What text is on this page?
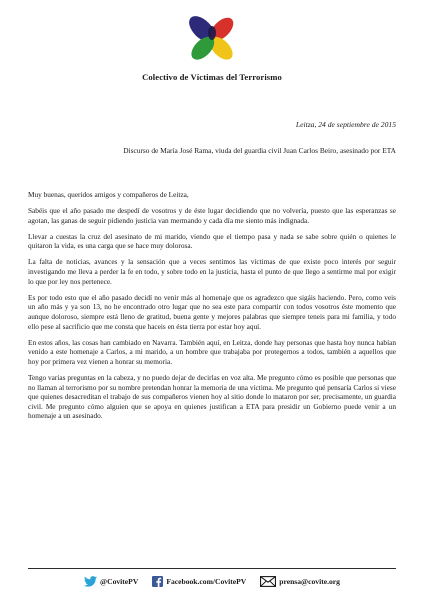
Colectivo de Víctimas del Terrorismo
Leitza, 24 de septiembre de 2015
Discurso de María José Rama, viuda del guardia civil Juan Carlos Beiro, asesinado por ETA

Muy buenas, queridos amigos y compañeros de Leitza,

Sabéis que el año pasado me despedí de vosotros y de éste lugar decidiendo que no volvería, puesto que las esperanzas se agotan, las ganas de seguir pidiendo justicia van mermando y cada día me siento más indignada.

Llevar a cuestas la cruz del asesinato de mi marido, viendo que el tiempo pasa y nada se sabe sobre quién o quienes le quitaron la vida, es una carga que se hace muy dolorosa.

La falta de noticias, avances y la sensación que a veces sentimos las víctimas de que existe poco interés por seguir investigando me lleva a perder la fe en todo, y sobre todo en la justicia, hasta el punto de que llego a sentirme mal por exigir lo que por ley nos pertenece.

Es por todo esto que el año pasado decidí no venir más al homenaje que os agradezco que sigáis haciendo. Pero, como veis un año más y ya son 13, no he encontrado otro lugar que no sea este para compartir con todos vosotros éste momento que aunque doloroso, siempre está lleno de gratitud, buena gente y mejores palabras que siempre teneis para mi familia, y todo ello pese al sacrificio que me consta que haceis en ésta tierra por estar hoy aquí.

En estos años, las cosas han cambiado en Navarra. También aquí, en Leitza, donde hay personas que hasta hoy nunca habían venido a este homenaje a Carlos, a mi marido, a un hombre que trabajaba por protegernos a todos, también a aquellos que hoy por primera vez vienen a honrar su memoria.

Tengo varias preguntas en la cabeza, y no puedo dejar de decirlas en voz alta. Me pregunto cómo es posible que personas que no llaman al terrorismo por su nombre pretendan honrar la memoria de una víctima. Me pregunto qué pensaría Carlos si viese que quienes desacreditan el trabajo de sus compañeros vienen hoy al sitio donde lo mataron por ser, precisamente, un guardia civil. Me pregunto cómo alguien que se apoya en quienes justifican a ETA para presidir un Gobierno puede venir a un homenaje a un asesinado.

@CovitePV	Facebook.com/CovitePV	prensa@covite.org
